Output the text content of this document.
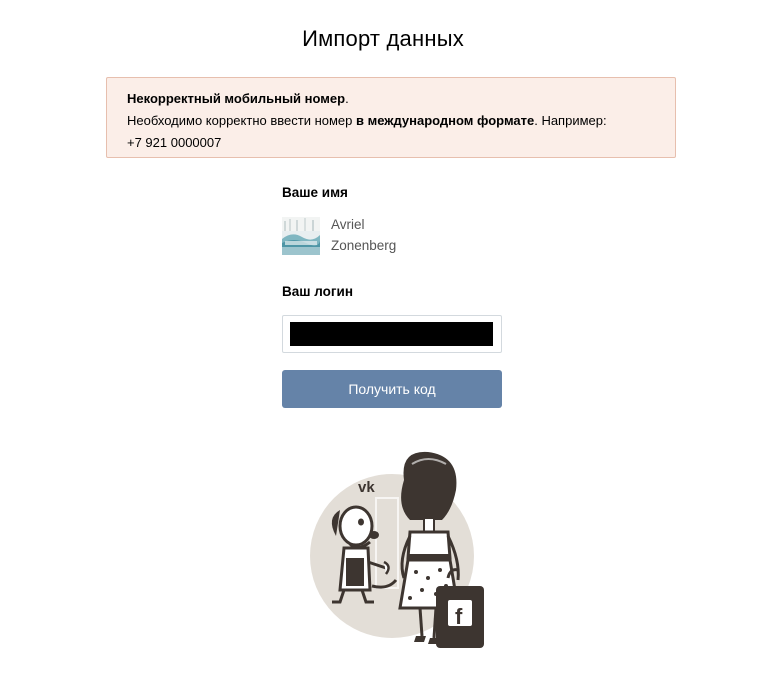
Импорт данных
Некорректный мобильный номер.
Необходимо корректно ввести номер в международном формате. Например:
+7 921 0000007
Ваше имя
Avriel
Zonenberg
Ваш логин
Получить код
vk
f
